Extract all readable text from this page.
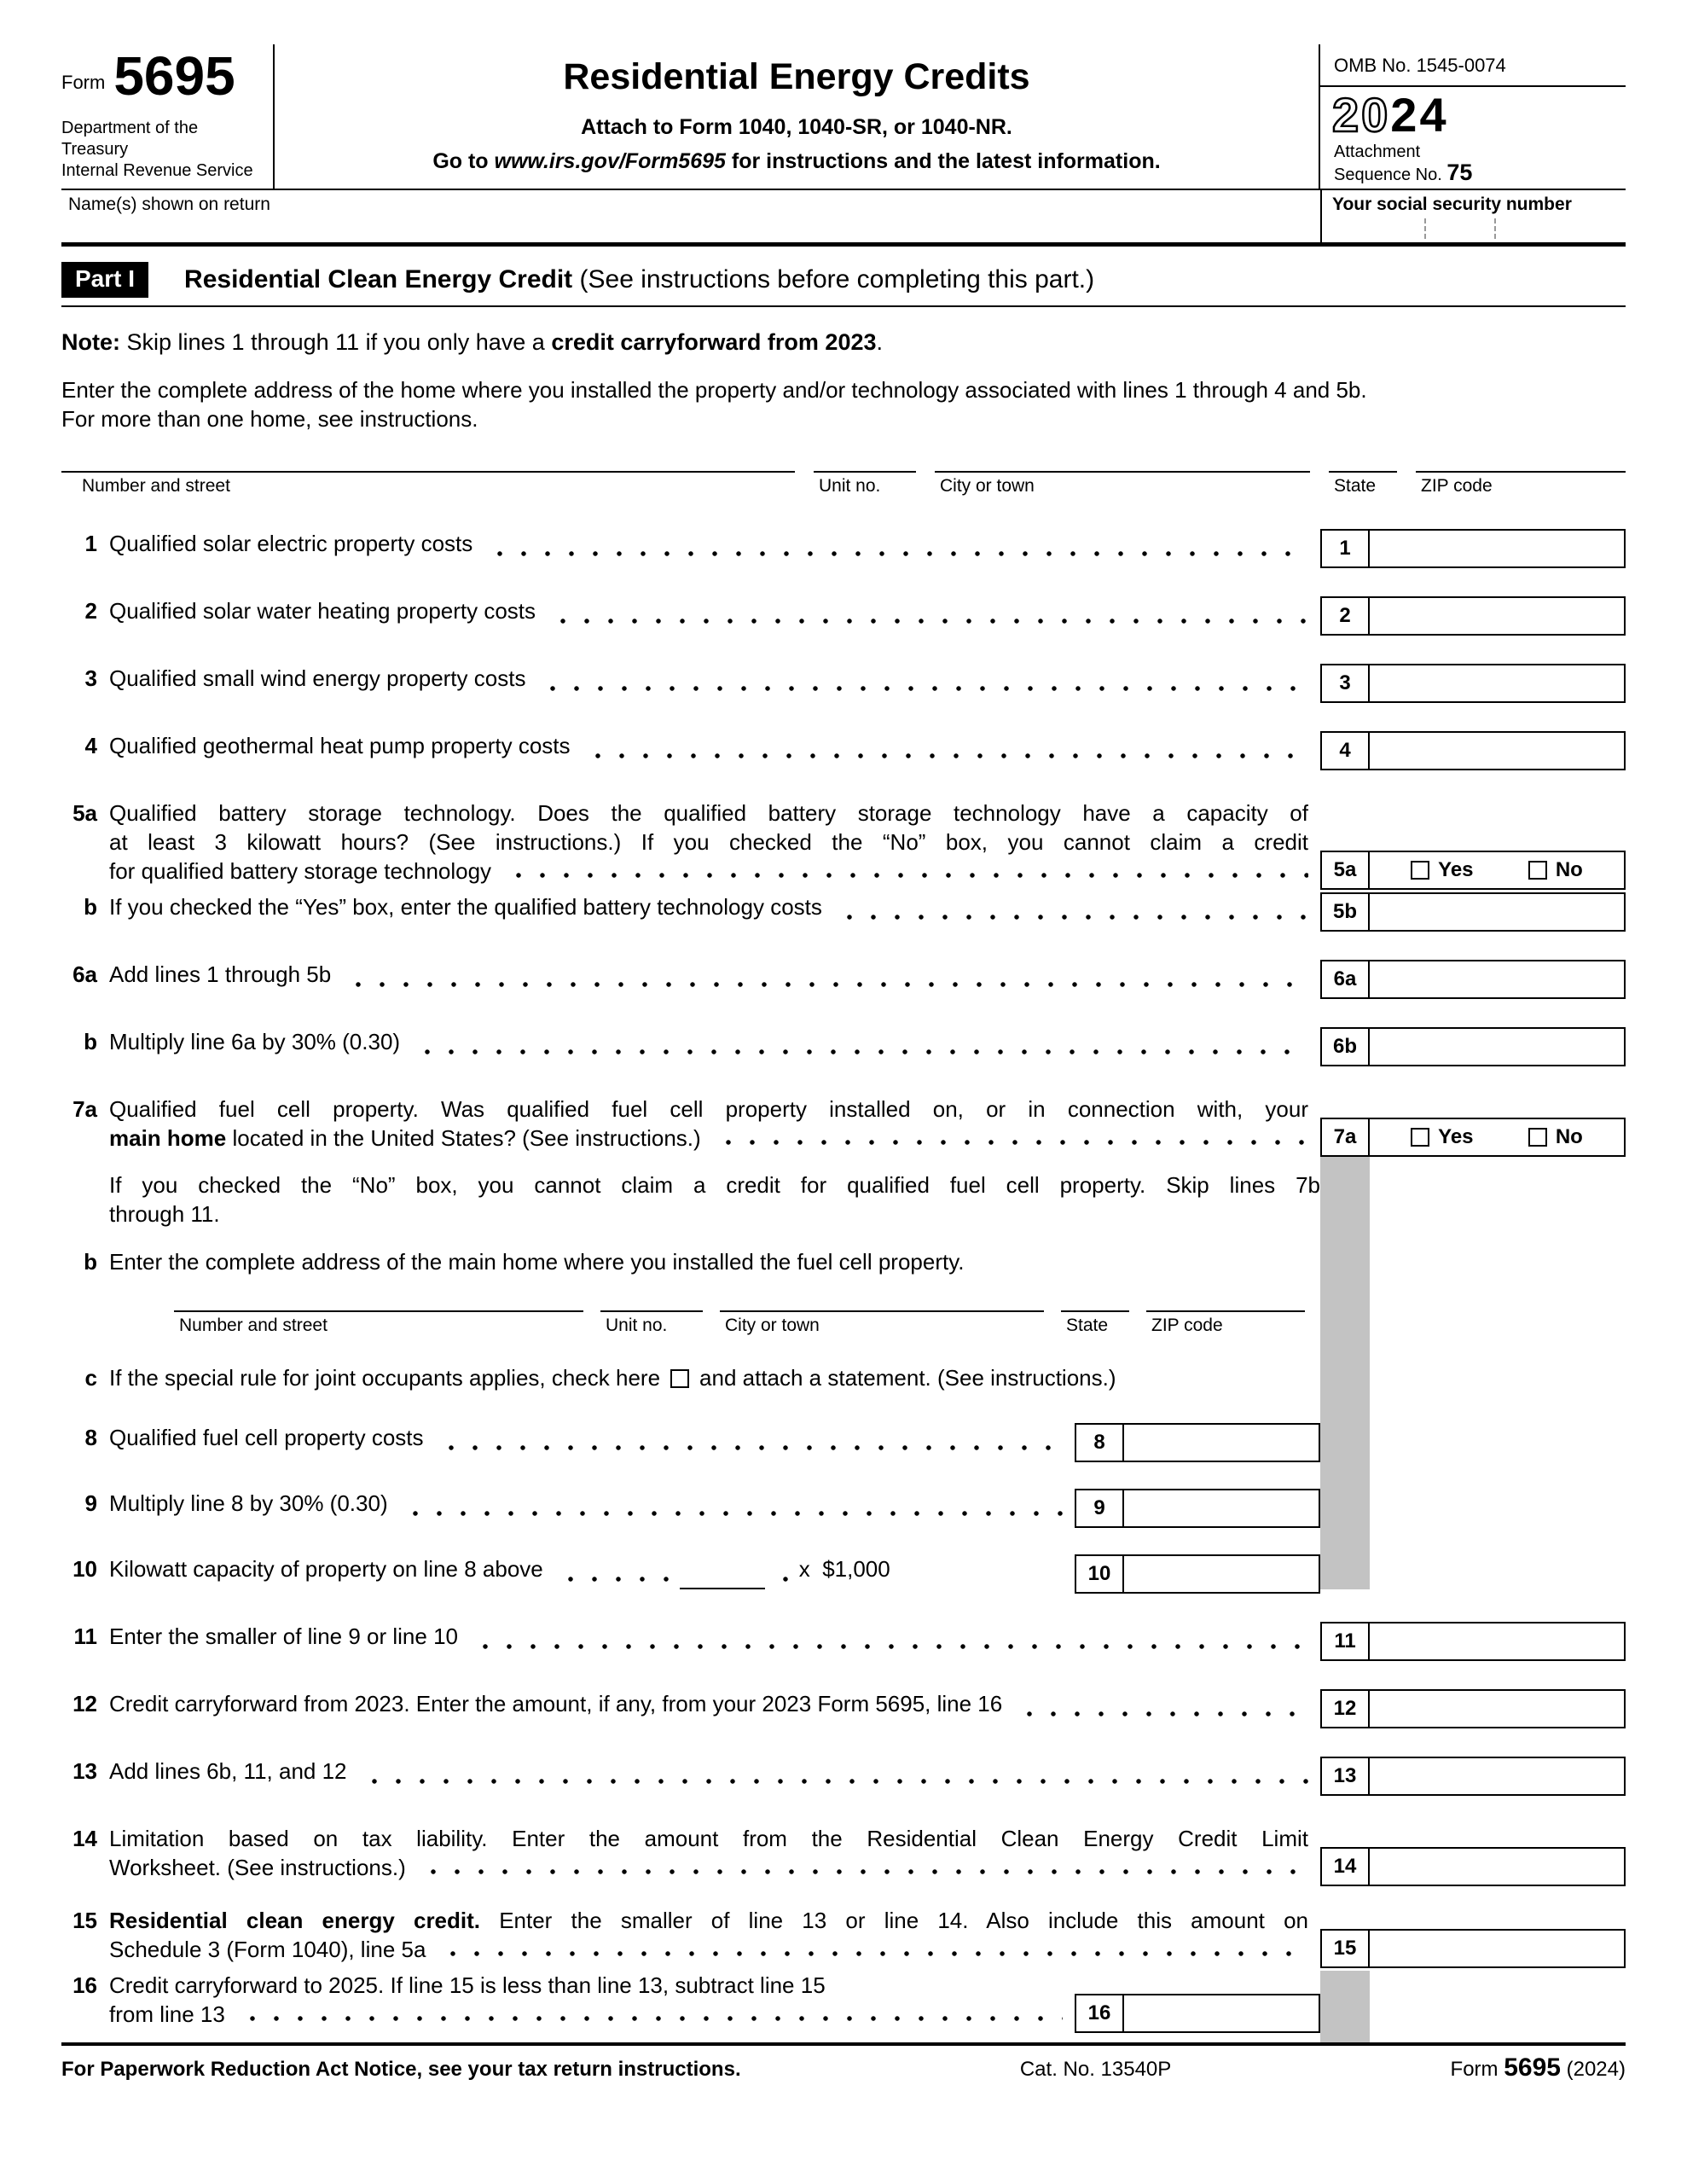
Form 5695
Department of the Treasury
Internal Revenue Service
Residential Energy Credits
Attach to Form 1040, 1040-SR, or 1040-NR.
Go to www.irs.gov/Form5695 for instructions and the latest information.
OMB No. 1545-0074
2024
Attachment
Sequence No. 75
Name(s) shown on return	Your social security number
Part I	Residential Clean Energy Credit (See instructions before completing this part.)
Note: Skip lines 1 through 11 if you only have a credit carryforward from 2023.
Enter the complete address of the home where you installed the property and/or technology associated with lines 1 through 4 and 5b.
For more than one home, see instructions.
Number and street	Unit no.	City or town	State	ZIP code
1 Qualified solar electric property costs	1
2 Qualified solar water heating property costs	2
3 Qualified small wind energy property costs	3
4 Qualified geothermal heat pump property costs	4
5a Qualified battery storage technology. Does the qualified battery storage technology have a capacity of
at least 3 kilowatt hours? (See instructions.) If you checked the “No” box, you cannot claim a credit
for qualified battery storage technology	5a	Yes	No
b If you checked the “Yes” box, enter the qualified battery technology costs	5b
6a Add lines 1 through 5b	6a
b Multiply line 6a by 30% (0.30)	6b
7a Qualified fuel cell property. Was qualified fuel cell property installed on, or in connection with, your
main home located in the United States? (See instructions.)	7a	Yes	No
If you checked the “No” box, you cannot claim a credit for qualified fuel cell property. Skip lines 7b
through 11.
b Enter the complete address of the main home where you installed the fuel cell property.
Number and street	Unit no.	City or town	State	ZIP code
c If the special rule for joint occupants applies, check here and attach a statement. (See instructions.)
8 Qualified fuel cell property costs	8
9 Multiply line 8 by 30% (0.30)	9
10 Kilowatt capacity of property on line 8 above	x  $1,000	10
11 Enter the smaller of line 9 or line 10	11
12 Credit carryforward from 2023. Enter the amount, if any, from your 2023 Form 5695, line 16	12
13 Add lines 6b, 11, and 12	13
14 Limitation based on tax liability. Enter the amount from the Residential Clean Energy Credit Limit
Worksheet. (See instructions.)	14
15 Residential clean energy credit. Enter the smaller of line 13 or line 14. Also include this amount on
Schedule 3 (Form 1040), line 5a	15
16 Credit carryforward to 2025. If line 15 is less than line 13, subtract line 15
from line 13	16
For Paperwork Reduction Act Notice, see your tax return instructions.	Cat. No. 13540P	Form 5695 (2024)
